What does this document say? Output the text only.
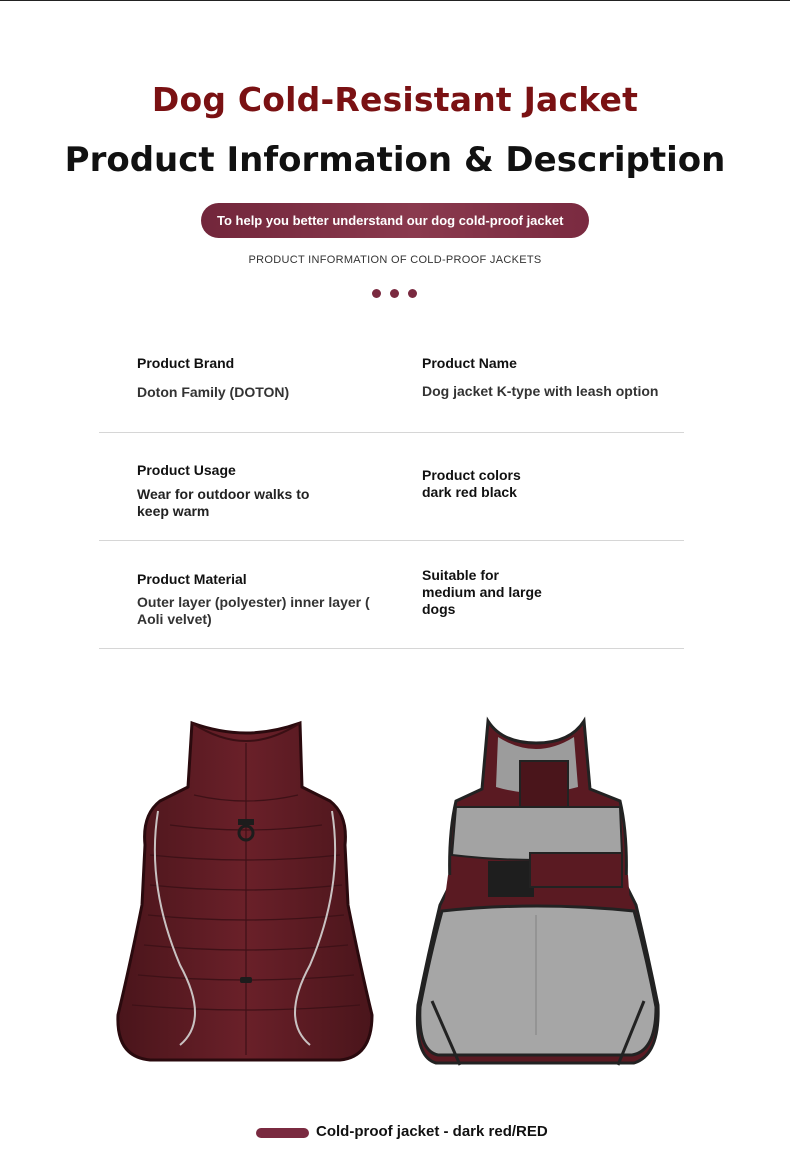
Dog Cold-Resistant Jacket
Product Information & Description
To help you better understand our dog cold-proof jacket
PRODUCT INFORMATION OF COLD-PROOF JACKETS
Product Brand
Doton Family (DOTON)
Product Name
Dog jacket K-type with leash option
Product Usage
Wear for outdoor walks to
keep warm
Product colors
dark red black
Product Material
Outer layer (polyester) inner layer (
Aoli velvet)
Suitable for
medium and large
dogs
Cold-proof jacket - dark red/RED
